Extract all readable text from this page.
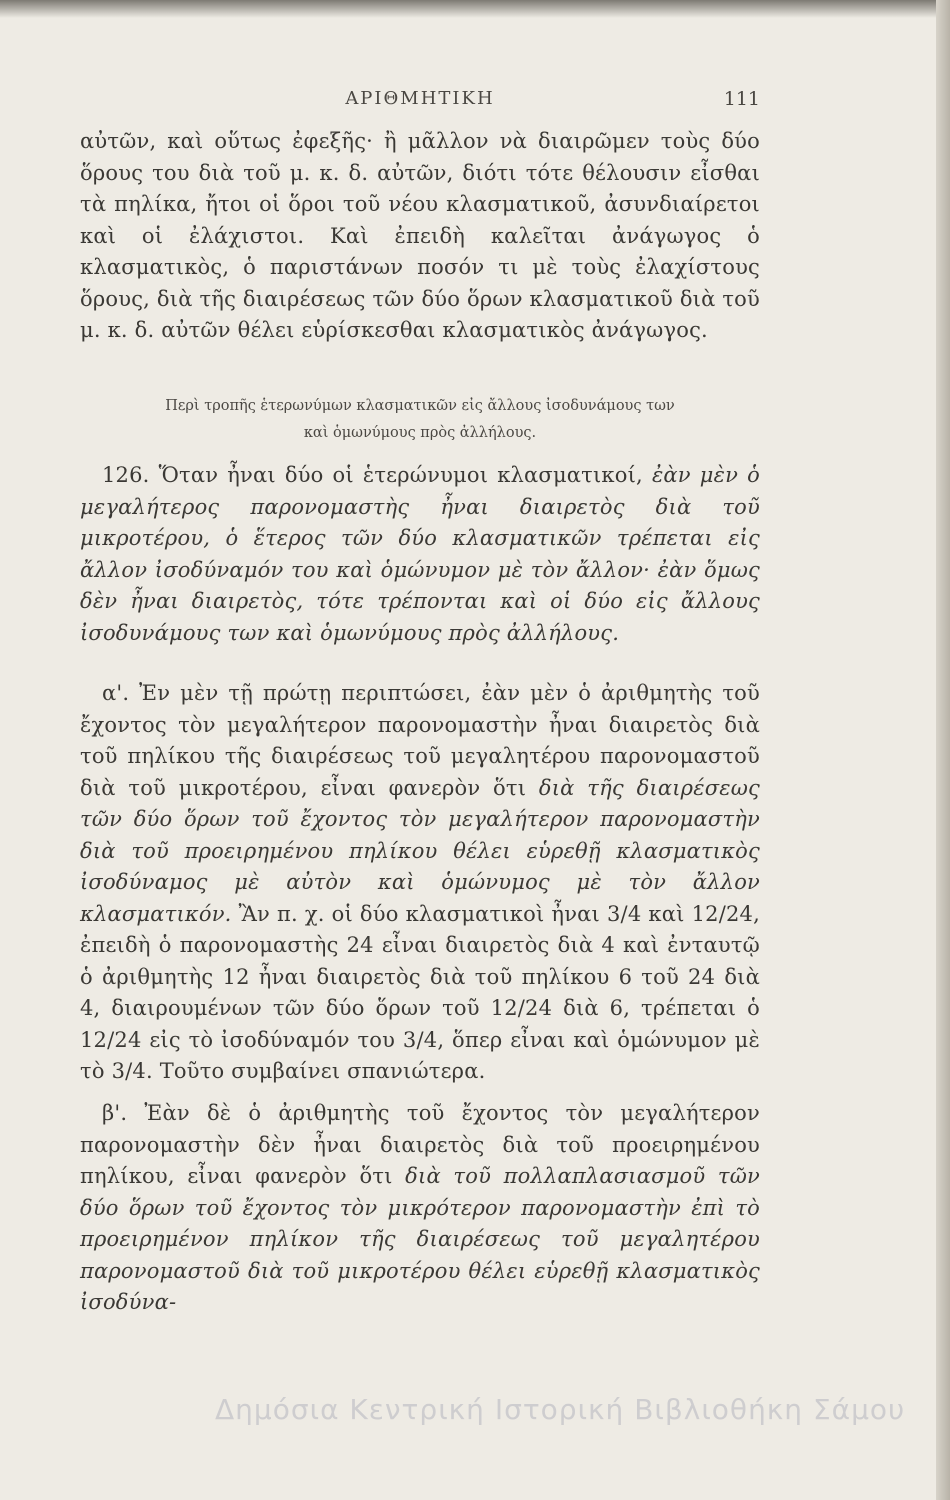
ΑΡΙΘΜΗΤΙΚΗ	111

αὐτῶν, καὶ οὕτως ἐφεξῆς· ἢ μᾶλλον νὰ διαιρῶμεν τοὺς δύο ὅρους του διὰ τοῦ μ. κ. δ. αὐτῶν, διότι τότε θέλουσιν εἶσθαι τὰ πηλίκα, ἤτοι οἱ ὅροι τοῦ νέου κλασματικοῦ, ἀσυνδιαίρετοι καὶ οἱ ἐλάχιστοι. Καὶ ἐπειδὴ καλεῖται ἀνάγωγος ὁ κλασματικὸς, ὁ παριστάνων ποσόν τι μὲ τοὺς ἐλαχίστους ὅρους, διὰ τῆς διαιρέσεως τῶν δύο ὅρων κλασματικοῦ διὰ τοῦ μ. κ. δ. αὐτῶν θέλει εὑρίσκεσθαι κλασματικὸς ἀνάγωγος.

Περὶ τροπῆς ἑτερωνύμων κλασματικῶν εἰς ἄλλους ἰσοδυνάμους των
καὶ ὁμωνύμους πρὸς ἀλλήλους.

126. Ὅταν ἦναι δύο οἱ ἑτερώνυμοι κλασματικοί, ἐὰν μὲν ὁ μεγαλήτερος παρονομαστὴς ἦναι διαιρετὸς διὰ τοῦ μικροτέρου, ὁ ἕτερος τῶν δύο κλασματικῶν τρέπεται εἰς ἄλλον ἰσοδύναμόν του καὶ ὁμώνυμον μὲ τὸν ἄλλον· ἐὰν ὅμως δὲν ἦναι διαιρετὸς, τότε τρέπονται καὶ οἱ δύο εἰς ἄλλους ἰσοδυνάμους των καὶ ὁμωνύμους πρὸς ἀλλήλους.

α'. Ἐν μὲν τῇ πρώτῃ περιπτώσει, ἐὰν μὲν ὁ ἀριθμητὴς τοῦ ἔχοντος τὸν μεγαλήτερον παρονομαστὴν ἦναι διαιρετὸς διὰ τοῦ πηλίκου τῆς διαιρέσεως τοῦ μεγαλητέρου παρονομαστοῦ διὰ τοῦ μικροτέρου, εἶναι φανερὸν ὅτι διὰ τῆς διαιρέσεως τῶν δύο ὅρων τοῦ ἔχοντος τὸν μεγαλήτερον παρονομαστὴν διὰ τοῦ προειρημένου πηλίκου θέλει εὑρεθῇ κλασματικὸς ἰσοδύναμος μὲ αὐτὸν καὶ ὁμώνυμος μὲ τὸν ἄλλον κλασματικόν. Ἂν π. χ. οἱ δύο κλασματικοὶ ἦναι 3/4 καὶ 12/24, ἐπειδὴ ὁ παρονομαστὴς 24 εἶναι διαιρετὸς διὰ 4 καὶ ἐνταυτῷ ὁ ἀριθμητὴς 12 ἦναι διαιρετὸς διὰ τοῦ πηλίκου 6 τοῦ 24 διὰ 4, διαιρουμένων τῶν δύο ὅρων τοῦ 12/24 διὰ 6, τρέπεται ὁ 12/24 εἰς τὸ ἰσοδύναμόν του 3/4, ὅπερ εἶναι καὶ ὁμώνυμον μὲ τὸ 3/4. Τοῦτο συμβαίνει σπανιώτερα.

β'. Ἐὰν δὲ ὁ ἀριθμητὴς τοῦ ἔχοντος τὸν μεγαλήτερον παρονομαστὴν δὲν ἦναι διαιρετὸς διὰ τοῦ προειρημένου πηλίκου, εἶναι φανερὸν ὅτι διὰ τοῦ πολλαπλασιασμοῦ τῶν δύο ὅρων τοῦ ἔχοντος τὸν μικρότερον παρονομαστὴν ἐπὶ τὸ προειρημένον πηλίκον τῆς διαιρέσεως τοῦ μεγαλητέρου παρονομαστοῦ διὰ τοῦ μικροτέρου θέλει εὑρεθῇ κλασματικὸς ἰσοδύνα-

Δημόσια Κεντρική Ιστορική Βιβλιοθήκη Σάμου
